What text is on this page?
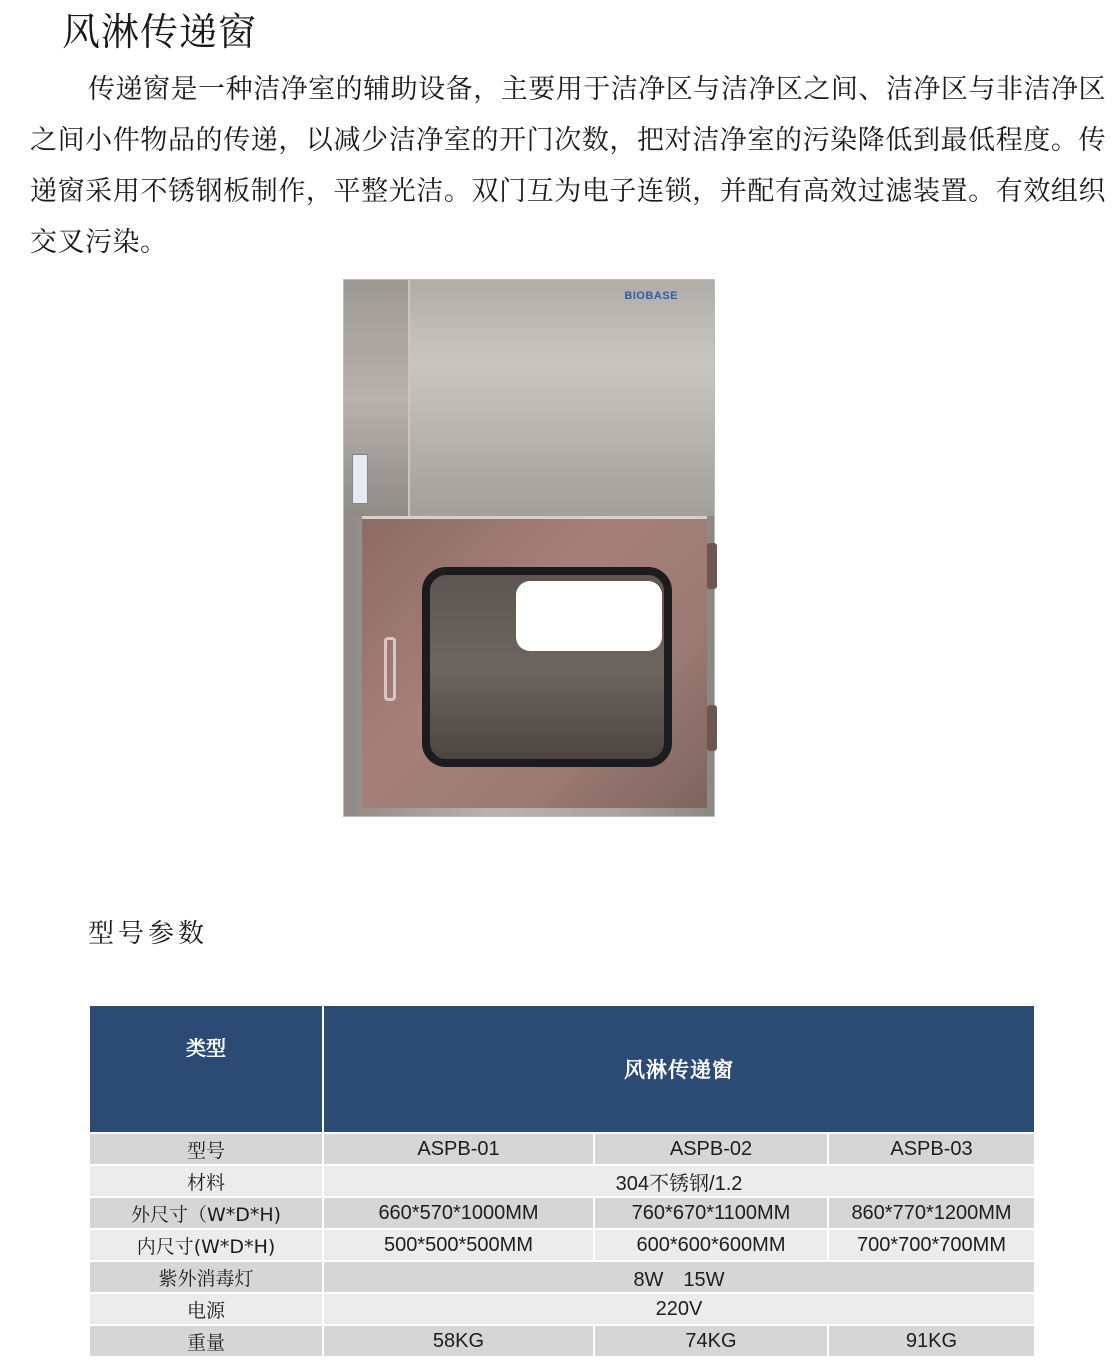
风淋传递窗
传递窗是一种洁净室的辅助设备，主要用于洁净区与洁净区之间、洁净区与非洁净区之间小件物品的传递，以减少洁净室的开门次数，把对洁净室的污染降低到最低程度。传递窗采用不锈钢板制作，平整光洁。双门互为电子连锁，并配有高效过滤装置。有效组织交叉污染。
BIOBASE
型号参数
类型	风淋传递窗		
型号	ASPB-01	ASPB-02	ASPB-03
材料	304不锈钢/1.2		
外尺寸（W*D*H)	660*570*1000MM	760*670*1100MM	860*770*1200MM
内尺寸(W*D*H)	500*500*500MM	600*600*600MM	700*700*700MM
紫外消毒灯	8W　15W		
电源	220V		
重量	58KG	74KG	91KG
